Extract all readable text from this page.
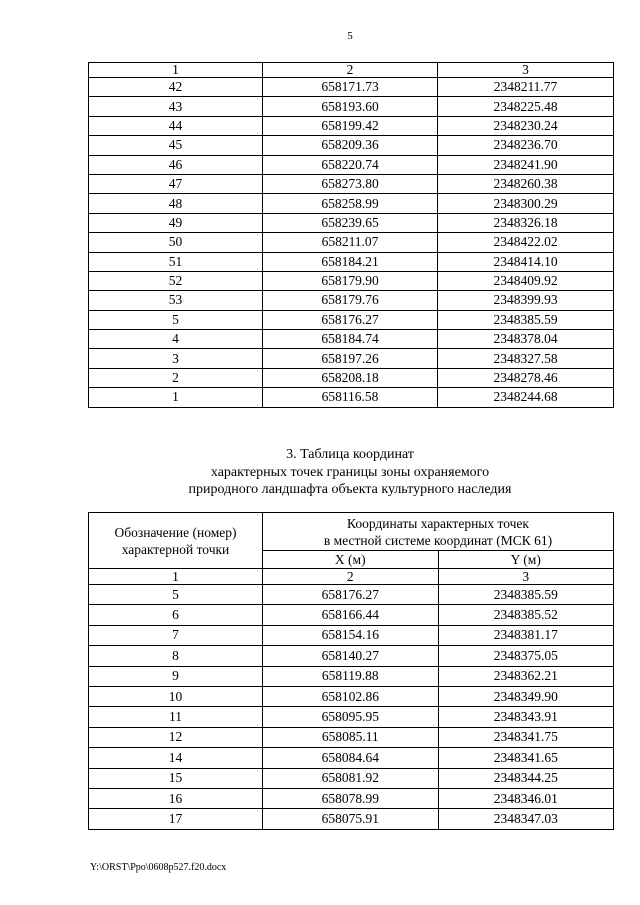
5
1	2	3
42	658171.73	2348211.77
43	658193.60	2348225.48
44	658199.42	2348230.24
45	658209.36	2348236.70
46	658220.74	2348241.90
47	658273.80	2348260.38
48	658258.99	2348300.29
49	658239.65	2348326.18
50	658211.07	2348422.02
51	658184.21	2348414.10
52	658179.90	2348409.92
53	658179.76	2348399.93
5	658176.27	2348385.59
4	658184.74	2348378.04
3	658197.26	2348327.58
2	658208.18	2348278.46
1	658116.58	2348244.68
3. Таблица координат
характерных точек границы зоны охраняемого
природного ландшафта объекта культурного наследия
Обозначение (номер) характерной точки	Координаты характерных точек
в местной системе координат (МСК 61)	

	X (м)	Y (м)
1	2	3
5	658176.27	2348385.59
6	658166.44	2348385.52
7	658154.16	2348381.17
8	658140.27	2348375.05
9	658119.88	2348362.21
10	658102.86	2348349.90
11	658095.95	2348343.91
12	658085.11	2348341.75
14	658084.64	2348341.65
15	658081.92	2348344.25
16	658078.99	2348346.01
17	658075.91	2348347.03
Y:\ORST\Ppo\0608p527.f20.docx
